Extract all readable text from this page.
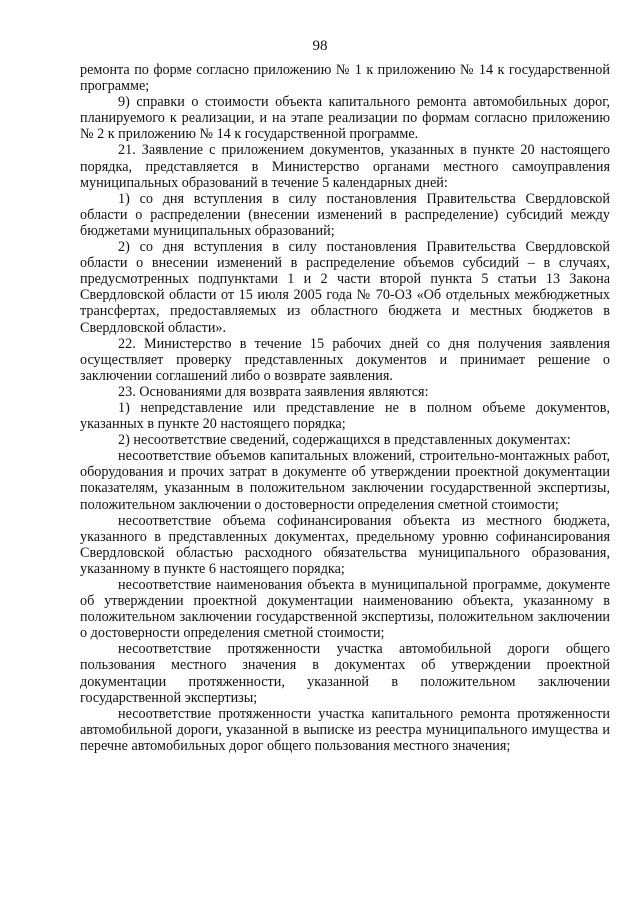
98

ремонта по форме согласно приложению № 1 к приложению № 14 к государственной программе;

9) справки о стоимости объекта капитального ремонта автомобильных дорог, планируемого к реализации, и на этапе реализации по формам согласно приложению № 2 к приложению № 14 к государственной программе.

21. Заявление с приложением документов, указанных в пункте 20 настоящего порядка, представляется в Министерство органами местного самоуправления муниципальных образований в течение 5 календарных дней:

1) со дня вступления в силу постановления Правительства Свердловской области о распределении (внесении изменений в распределение) субсидий между бюджетами муниципальных образований;

2) со дня вступления в силу постановления Правительства Свердловской области о внесении изменений в распределение объемов субсидий – в случаях, предусмотренных подпунктами 1 и 2 части второй пункта 5 статьи 13 Закона Свердловской области от 15 июля 2005 года № 70-ОЗ «Об отдельных межбюджетных трансфертах, предоставляемых из областного бюджета и местных бюджетов в Свердловской области».

22. Министерство в течение 15 рабочих дней со дня получения заявления осуществляет проверку представленных документов и принимает решение о заключении соглашений либо о возврате заявления.

23. Основаниями для возврата заявления являются:

1) непредставление или представление не в полном объеме документов, указанных в пункте 20 настоящего порядка;

2) несоответствие сведений, содержащихся в представленных документах:

несоответствие объемов капитальных вложений, строительно-монтажных работ, оборудования и прочих затрат в документе об утверждении проектной документации показателям, указанным в положительном заключении государственной экспертизы, положительном заключении о достоверности определения сметной стоимости;

несоответствие объема софинансирования объекта из местного бюджета, указанного в представленных документах, предельному уровню софинансирования Свердловской областью расходного обязательства муниципального образования, указанному в пункте 6 настоящего порядка;

несоответствие наименования объекта в муниципальной программе, документе об утверждении проектной документации наименованию объекта, указанному в положительном заключении государственной экспертизы, положительном заключении о достоверности определения сметной стоимости;

несоответствие протяженности участка автомобильной дороги общего пользования местного значения в документах об утверждении проектной документации протяженности, указанной в положительном заключении государственной экспертизы;

несоответствие протяженности участка капитального ремонта протяженности автомобильной дороги, указанной в выписке из реестра муниципального имущества и перечне автомобильных дорог общего пользования местного значения;
